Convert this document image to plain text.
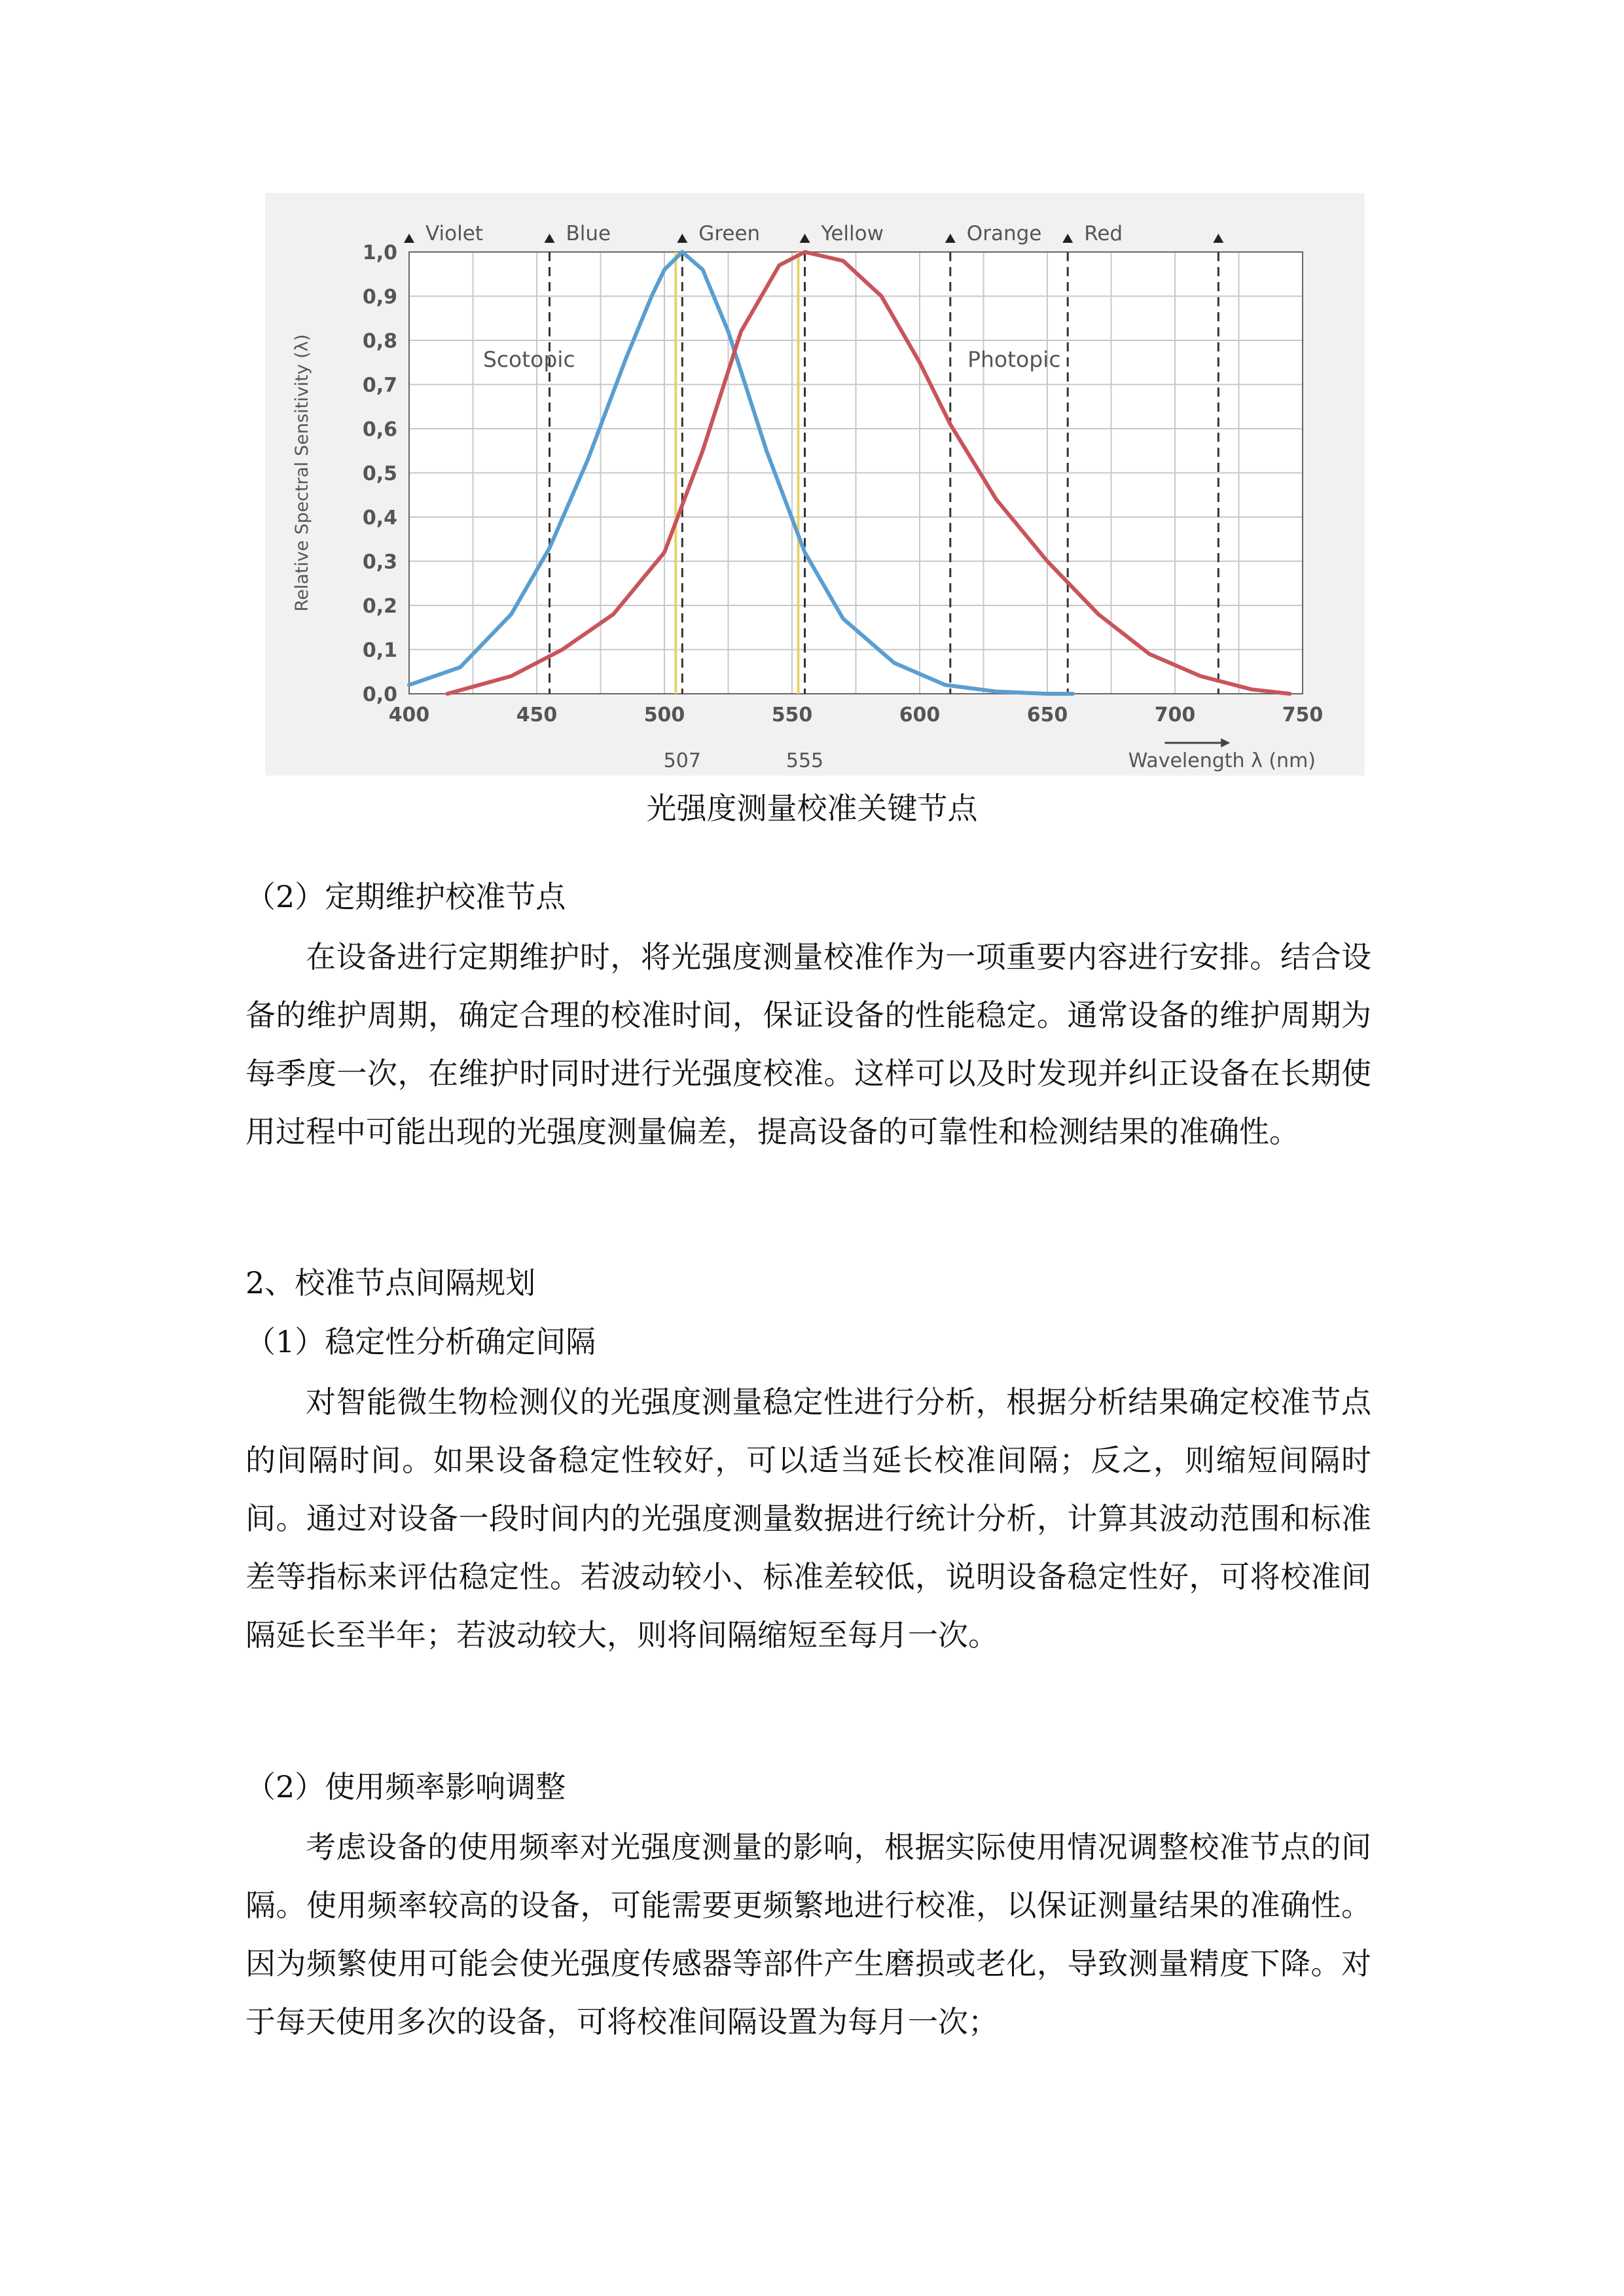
0,0
0,1
0,2
0,3
0,4
0,5
0,6
0,7
0,8
0,9
1,0
400	450	500	550	600	650	700	750
Relative Spectral Sensitivity (λ)
Wavelength λ (nm)
Violet	Blue	Green	Yellow	Orange Red
507	555
Scotopic	Photopic
光强度测量校准关键节点
（2）定期维护校准节点
在设备进行定期维护时，将光强度测量校准作为一项重要内容进行安排。结合设备的维护周期，确定合理的校准时间，保证设备的性能稳定。通常设备的维护周期为每季度一次，在维护时同时进行光强度校准。这样可以及时发现并纠正设备在长期使用过程中可能出现的光强度测量偏差，提高设备的可靠性和检测结果的准确性。
2、校准节点间隔规划
（1）稳定性分析确定间隔
对智能微生物检测仪的光强度测量稳定性进行分析，根据分析结果确定校准节点的间隔时间。如果设备稳定性较好，可以适当延长校准间隔；反之，则缩短间隔时间。通过对设备一段时间内的光强度测量数据进行统计分析，计算其波动范围和标准差等指标来评估稳定性。若波动较小、标准差较低，说明设备稳定性好，可将校准间隔延长至半年；若波动较大，则将间隔缩短至每月一次。
（2）使用频率影响调整
考虑设备的使用频率对光强度测量的影响，根据实际使用情况调整校准节点的间隔。使用频率较高的设备，可能需要更频繁地进行校准，以保证测量结果的准确性。因为频繁使用可能会使光强度传感器等部件产生磨损或老化，导致测量精度下降。对于每天使用多次的设备，可将校准间隔设置为每月一次；
